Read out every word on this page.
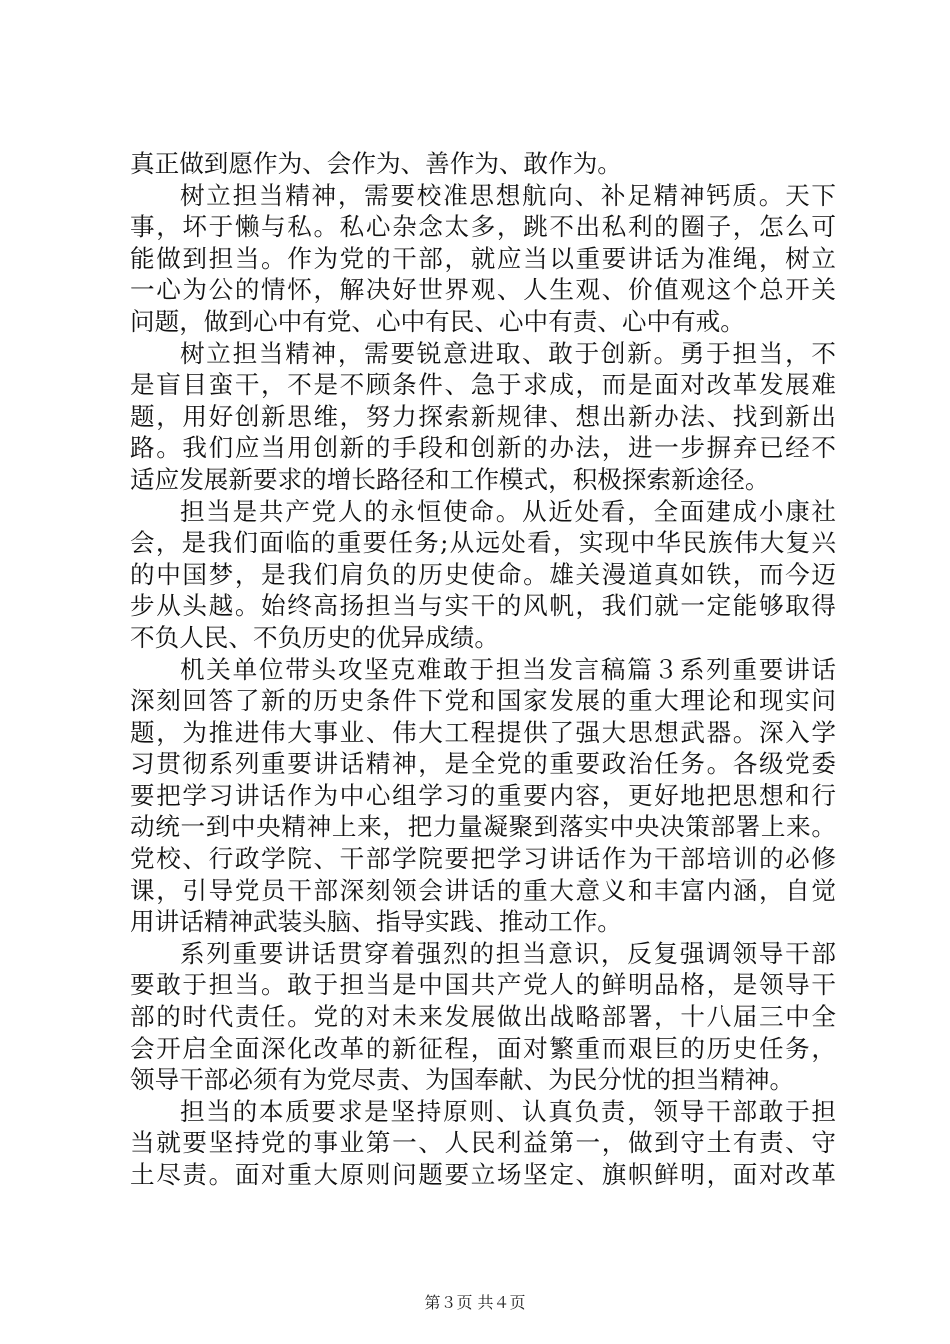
真正做到愿作为、会作为、善作为、敢作为。
树立担当精神，需要校准思想航向、补足精神钙质。天下
事，坏于懒与私。私心杂念太多，跳不出私利的圈子，怎么可
能做到担当。作为党的干部，就应当以重要讲话为准绳，树立
一心为公的情怀，解决好世界观、人生观、价值观这个总开关
问题，做到心中有党、心中有民、心中有责、心中有戒。
树立担当精神，需要锐意进取、敢于创新。勇于担当，不
是盲目蛮干，不是不顾条件、急于求成，而是面对改革发展难
题，用好创新思维，努力探索新规律、想出新办法、找到新出
路。我们应当用创新的手段和创新的办法，进一步摒弃已经不
适应发展新要求的增长路径和工作模式，积极探索新途径。
担当是共产党人的永恒使命。从近处看，全面建成小康社
会，是我们面临的重要任务;从远处看，实现中华民族伟大复兴
的中国梦，是我们肩负的历史使命。雄关漫道真如铁，而今迈
步从头越。始终高扬担当与实干的风帆，我们就一定能够取得
不负人民、不负历史的优异成绩。
机关单位带头攻坚克难敢于担当发言稿篇３系列重要讲话
深刻回答了新的历史条件下党和国家发展的重大理论和现实问
题，为推进伟大事业、伟大工程提供了强大思想武器。深入学
习贯彻系列重要讲话精神，是全党的重要政治任务。各级党委
要把学习讲话作为中心组学习的重要内容，更好地把思想和行
动统一到中央精神上来，把力量凝聚到落实中央决策部署上来。
党校、行政学院、干部学院要把学习讲话作为干部培训的必修
课，引导党员干部深刻领会讲话的重大意义和丰富内涵，自觉
用讲话精神武装头脑、指导实践、推动工作。
系列重要讲话贯穿着强烈的担当意识，反复强调领导干部
要敢于担当。敢于担当是中国共产党人的鲜明品格，是领导干
部的时代责任。党的对未来发展做出战略部署，十八届三中全
会开启全面深化改革的新征程，面对繁重而艰巨的历史任务，
领导干部必须有为党尽责、为国奉献、为民分忧的担当精神。
担当的本质要求是坚持原则、认真负责，领导干部敢于担
当就要坚持党的事业第一、人民利益第一，做到守土有责、守
土尽责。面对重大原则问题要立场坚定、旗帜鲜明，面对改革
第３页 共４页
